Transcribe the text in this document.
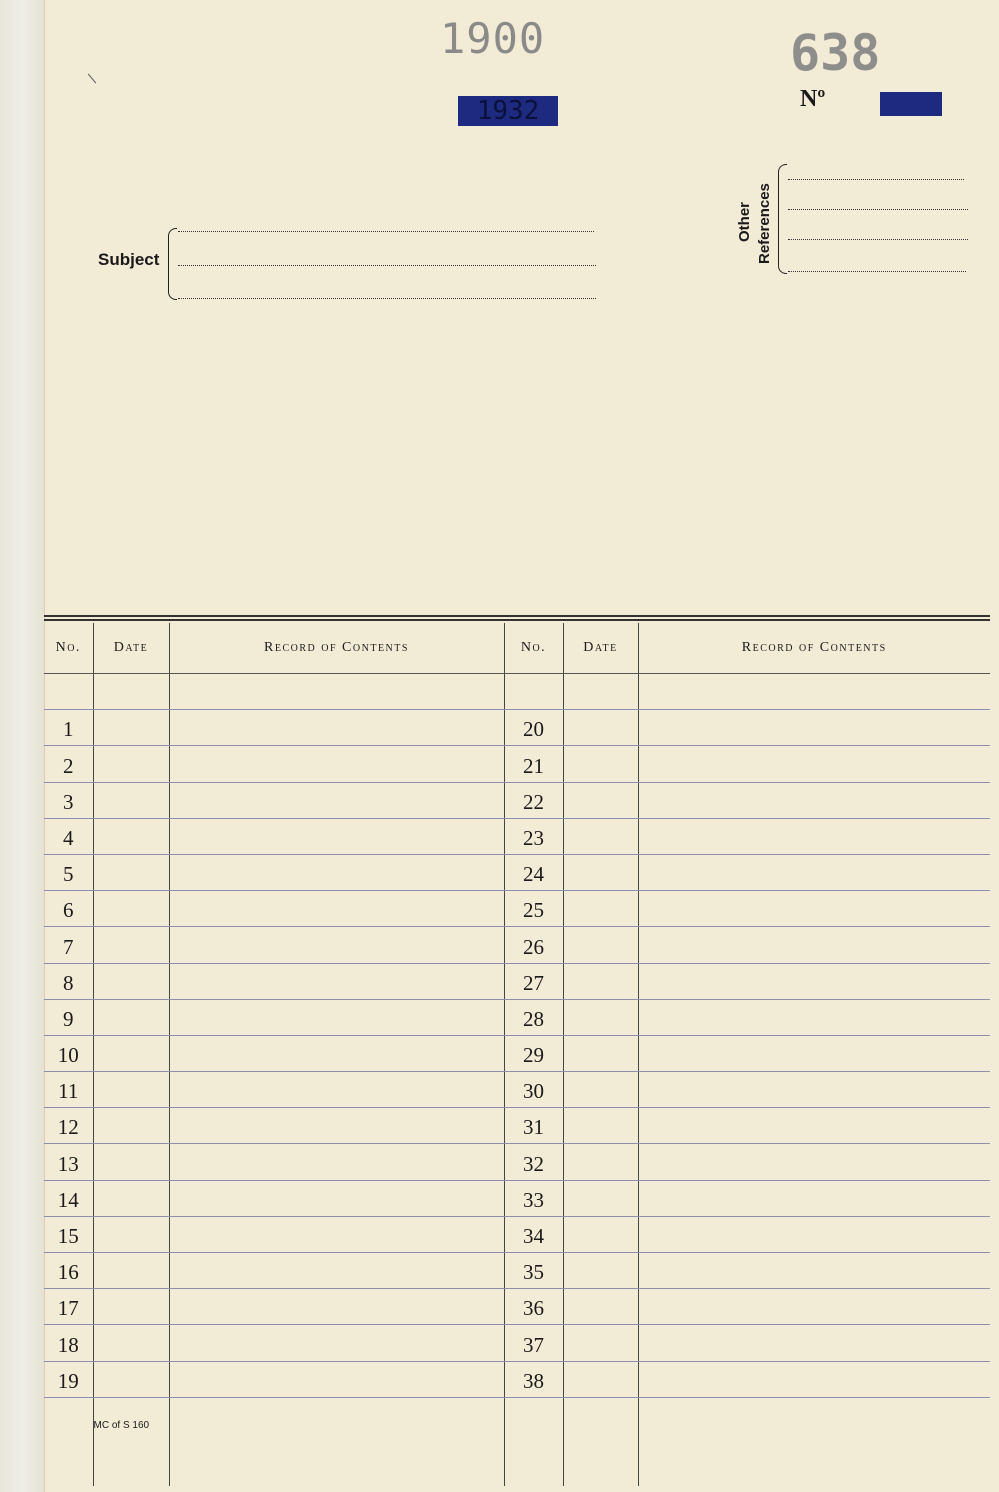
1900
1932
638
Nº
Subject
Other References
No.	Date	Record of Contents	No.	Date	Record of Contents

1			20		
2			21		
3			22		
4			23		
5			24		
6			25		
7			26		
8			27		
9			28		
10			29		
11			30		
12			31		
13			32		
14			33		
15			34		
16			35		
17			36		
18			37		
19			38		

	MC of S 160				
